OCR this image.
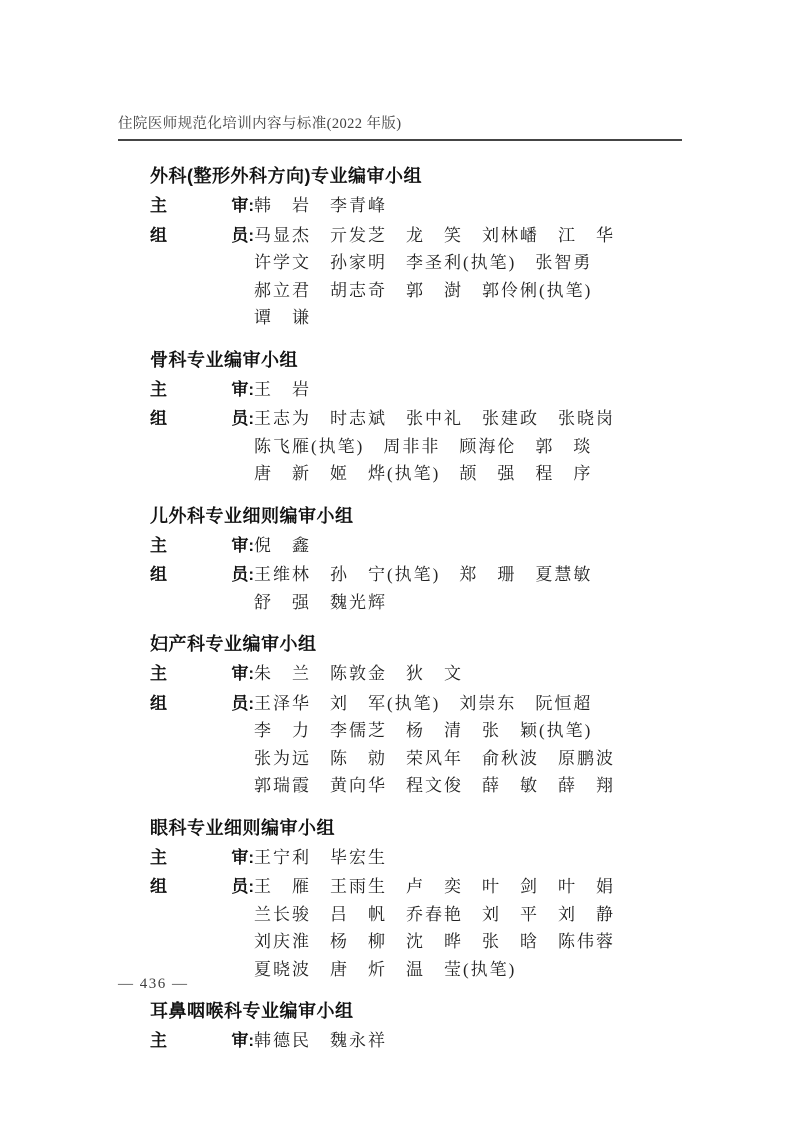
住院医师规范化培训内容与标准(2022 年版)
外科(整形外科方向)专业编审小组
主	审: 韩　岩　李青峰
组	员: 马显杰　亓发芝　龙　笑　刘林嶓　江　华
许学文　孙家明　李圣利(执笔)　张智勇
郝立君　胡志奇　郭　澍　郭伶俐(执笔)
谭　谦
骨科专业编审小组
主	审: 王　岩
组	员: 王志为　时志斌　张中礼　张建政　张晓岗
陈飞雁(执笔)　周非非　顾海伦　郭　琰
唐　新　姬　烨(执笔)　颉　强　程　序
儿外科专业细则编审小组
主	审: 倪　鑫
组	员: 王维林　孙　宁(执笔)　郑　珊　夏慧敏
舒　强　魏光辉
妇产科专业编审小组
主	审: 朱　兰　陈敦金　狄　文
组	员: 王泽华　刘　军(执笔)　刘崇东　阮恒超
李　力　李儒芝　杨　清　张　颖(执笔)
张为远　陈　勍　荣风年　俞秋波　原鹏波
郭瑞霞　黄向华　程文俊　薛　敏　薛　翔
眼科专业细则编审小组
主	审: 王宁利　毕宏生
组	员: 王　雁　王雨生　卢　奕　叶　剑　叶　娟
兰长骏　吕　帆　乔春艳　刘　平　刘　静
刘庆淮　杨　柳　沈　晔　张　晗　陈伟蓉
夏晓波　唐　炘　温　莹(执笔)
耳鼻咽喉科专业编审小组
主	审: 韩德民　魏永祥
— 436 —
